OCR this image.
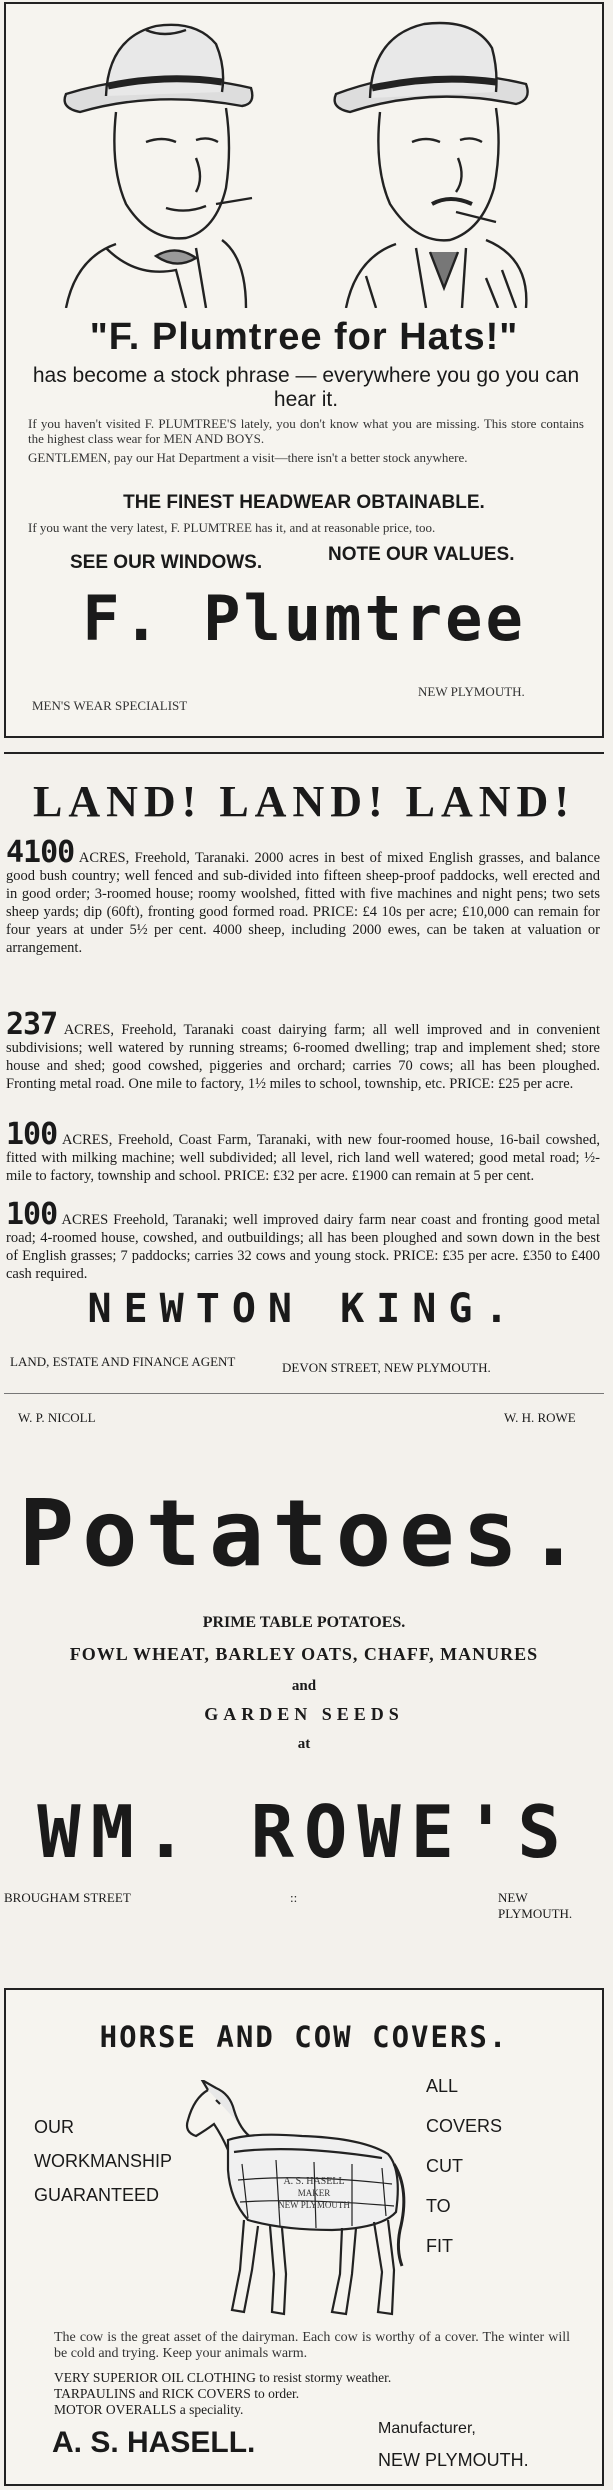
"F. Plumtree for Hats!"
has become a stock phrase — everywhere you go you can hear it.
If you haven't visited F. PLUMTREE'S lately, you don't know what you are missing. This store contains the highest class wear for MEN AND BOYS.
GENTLEMEN, pay our Hat Department a visit—there isn't a better stock anywhere.
THE FINEST HEADWEAR OBTAINABLE.
If you want the very latest, F. PLUMTREE has it, and at reasonable price, too.
SEE OUR WINDOWS.	NOTE OUR VALUES.
F. Plumtree
MEN'S WEAR SPECIALIST
NEW PLYMOUTH.
LAND! LAND! LAND!
4100 ACRES, Freehold, Taranaki. 2000 acres in best of mixed English grasses, and balance good bush country; well fenced and sub-divided into fifteen sheep-proof paddocks, well erected and in good order; 3-roomed house; roomy woolshed, fitted with five machines and night pens; two sets sheep yards; dip (60ft), fronting good formed road. PRICE: £4 10s per acre; £10,000 can remain for four years at under 5½ per cent. 4000 sheep, including 2000 ewes, can be taken at valuation or arrangement.
237 ACRES, Freehold, Taranaki coast dairying farm; all well improved and in convenient subdivisions; well watered by running streams; 6-roomed dwelling; trap and implement shed; store house and shed; good cowshed, piggeries and orchard; carries 70 cows; all has been ploughed. Fronting metal road. One mile to factory, 1½ miles to school, township, etc. PRICE: £25 per acre.
100 ACRES, Freehold, Coast Farm, Taranaki, with new four-roomed house, 16-bail cowshed, fitted with milking machine; well subdivided; all level, rich land well watered; good metal road; ½-mile to factory, township and school. PRICE: £32 per acre. £1900 can remain at 5 per cent.
100 ACRES Freehold, Taranaki; well improved dairy farm near coast and fronting good metal road; 4-roomed house, cowshed, and outbuildings; all has been ploughed and sown down in the best of English grasses; 7 paddocks; carries 32 cows and young stock. PRICE: £35 per acre. £350 to £400 cash required.
NEWTON KING.
LAND, ESTATE AND FINANCE AGENT	DEVON STREET, NEW PLYMOUTH.
W. P. NICOLL	W. H. ROWE
Potatoes.
PRIME TABLE POTATOES.
FOWL WHEAT, BARLEY OATS, CHAFF, MANURES
and
GARDEN SEEDS
at
WM. ROWE'S
BROUGHAM STREET	::	NEW PLYMOUTH.
HORSE AND COW COVERS.
OUR
WORKMANSHIP
GUARANTEED
A. S. HASELL
MAKER
NEW PLYMOUTH
ALL
COVERS
CUT
TO
FIT
The cow is the great asset of the dairyman. Each cow is worthy of a cover. The winter will be cold and trying. Keep your animals warm.
VERY SUPERIOR OIL CLOTHING to resist stormy weather.
TARPAULINS and RICK COVERS to order.
MOTOR OVERALLS a speciality.
A. S. HASELL.	Manufacturer,
NEW PLYMOUTH.
